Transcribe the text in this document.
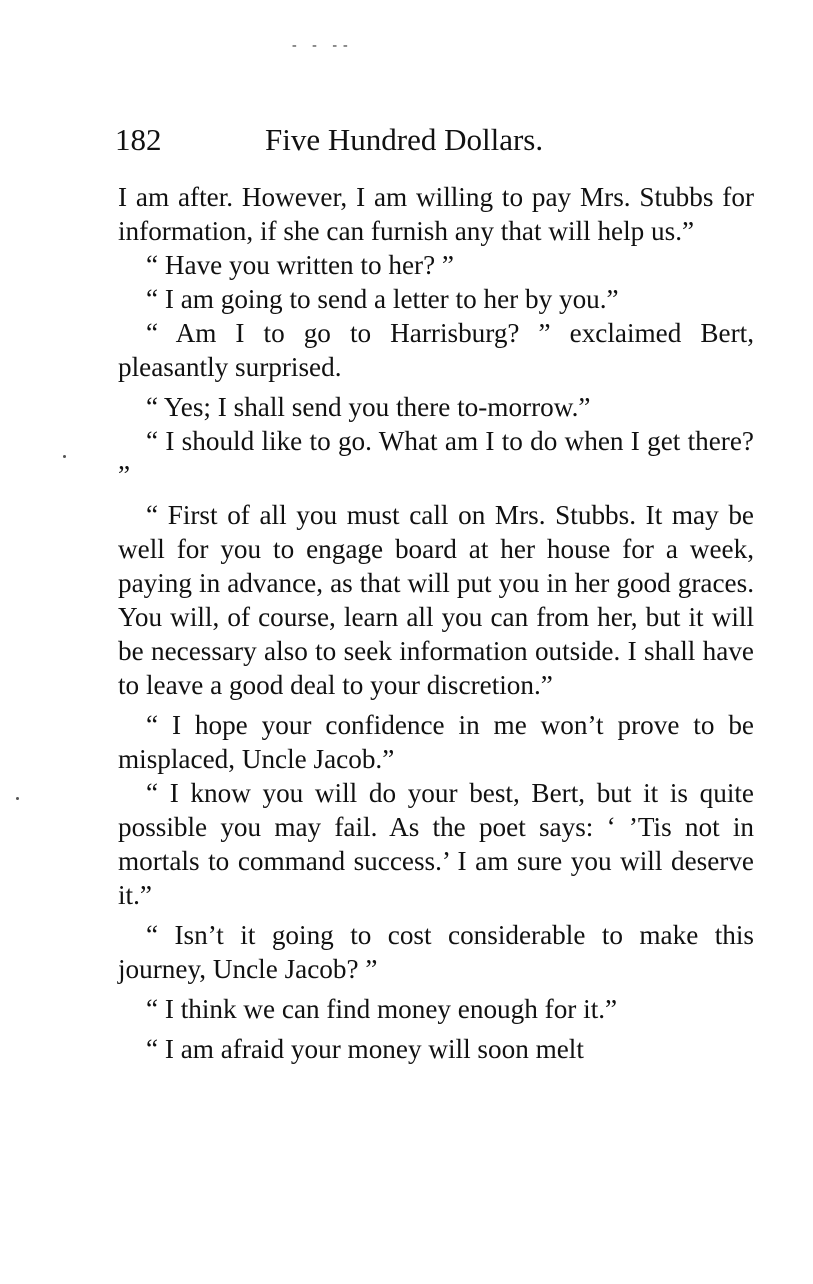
- - --
182	Five Hundred Dollars.

I am after. However, I am willing to pay Mrs. Stubbs for information, if she can furnish any that will help us.”

“ Have you written to her? ”

“ I am going to send a letter to her by you.”

“ Am I to go to Harrisburg? ” exclaimed Bert, pleasantly surprised.

“ Yes; I shall send you there to-morrow.”

“ I should like to go. What am I to do when I get there? ”

“ First of all you must call on Mrs. Stubbs. It may be well for you to engage board at her house for a week, paying in advance, as that will put you in her good graces. You will, of course, learn all you can from her, but it will be necessary also to seek information outside. I shall have to leave a good deal to your discretion.”

“ I hope your confidence in me won’t prove to be misplaced, Uncle Jacob.”

“ I know you will do your best, Bert, but it is quite possible you may fail. As the poet says: ‘ ’Tis not in mortals to command success.’ I am sure you will deserve it.”

“ Isn’t it going to cost considerable to make this journey, Uncle Jacob? ”

“ I think we can find money enough for it.”

“ I am afraid your money will soon melt
